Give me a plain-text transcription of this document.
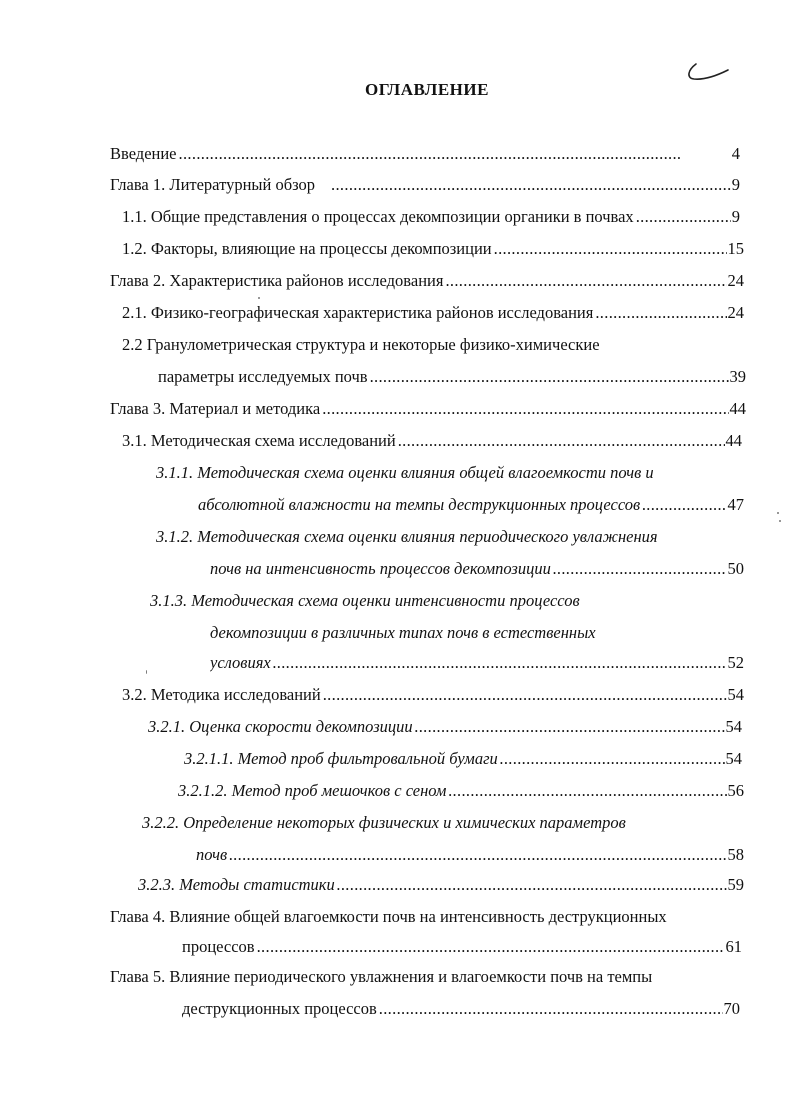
ОГЛАВЛЕНИЕ
Введение . . .	4
Глава 1. Литературный обзор . . .	9
1.1. Общие представления о процессах декомпозиции органики в почвах . . .	9
1.2. Факторы, влияющие на процессы декомпозиции . . .	15
Глава 2. Характеристика районов исследования . . .	24
2.1. Физико-географическая характеристика районов исследования . . .	24
2.2 Гранулометрическая структура и некоторые физико-химические
параметры исследуемых почв . . .	39
Глава 3. Материал и методика . . .	44
3.1. Методическая схема исследований . . .	44
3.1.1. Методическая схема оценки влияния общей влагоемкости почв и
абсолютной влажности на темпы деструкционных процессов . . .	47
3.1.2. Методическая схема оценки влияния периодического увлажнения
почв на интенсивность процессов декомпозиции . . .	50
3.1.3. Методическая схема оценки интенсивности процессов
декомпозиции в различных типах почв в естественных
условиях . . .	52
3.2. Методика исследований . . .	54
3.2.1. Оценка скорости декомпозиции . . .	54
3.2.1.1. Метод проб фильтровальной бумаги . . .	54
3.2.1.2. Метод проб мешочков с сеном . . .	56
3.2.2. Определение некоторых физических и химических параметров
почв . . .	58
3.2.3. Методы статистики . . .	59
Глава 4. Влияние общей влагоемкости почв на интенсивность деструкционных
процессов . . .	61
Глава 5. Влияние периодического увлажнения и влагоемкости почв на темпы
деструкционных процессов . . .	70
